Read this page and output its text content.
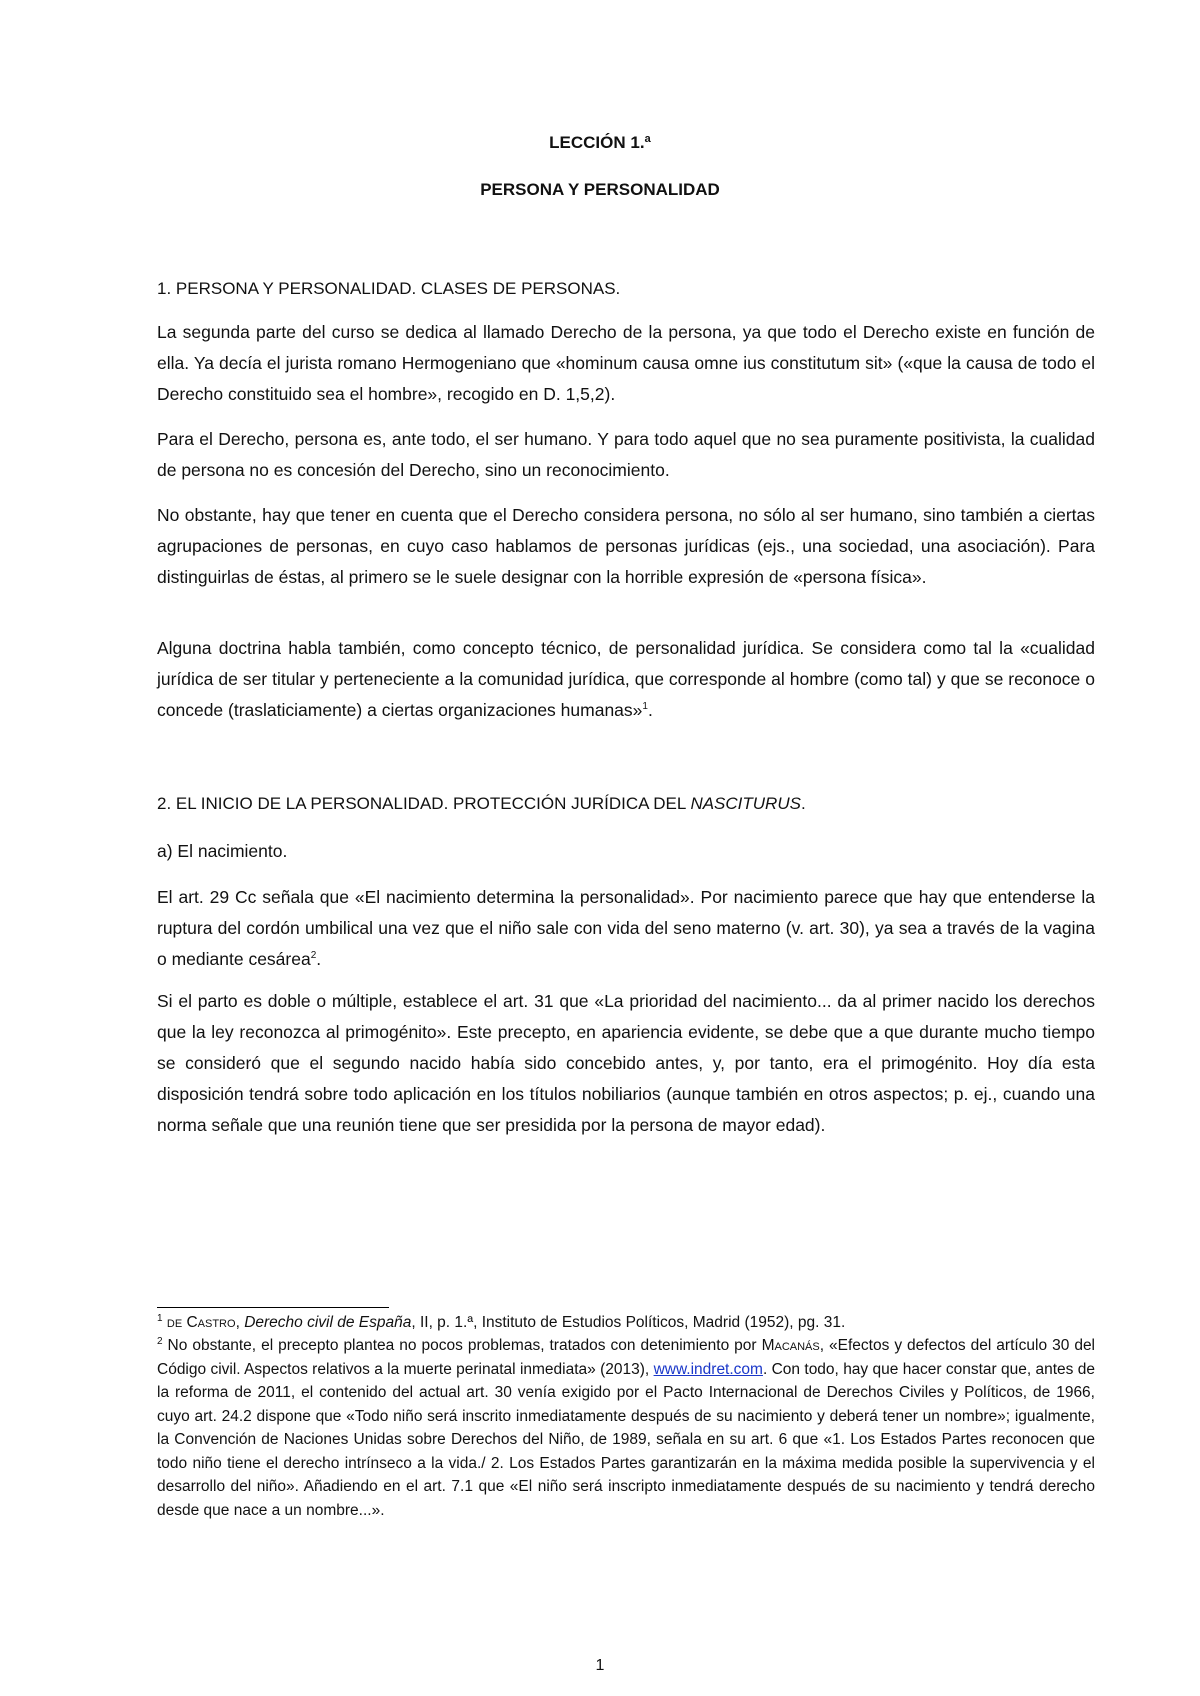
LECCIÓN 1.ª
PERSONA Y PERSONALIDAD
1. PERSONA Y PERSONALIDAD. CLASES DE PERSONAS.
La segunda parte del curso se dedica al llamado Derecho de la persona, ya que todo el Derecho existe en función de ella. Ya decía el jurista romano Hermogeniano que «hominum causa omne ius constitutum sit» («que la causa de todo el Derecho constituido sea el hombre», recogido en D. 1,5,2).
Para el Derecho, persona es, ante todo, el ser humano. Y para todo aquel que no sea puramente positivista, la cualidad de persona no es concesión del Derecho, sino un reconocimiento.
No obstante, hay que tener en cuenta que el Derecho considera persona, no sólo al ser humano, sino también a ciertas agrupaciones de personas, en cuyo caso hablamos de personas jurídicas (ejs., una sociedad, una asociación). Para distinguirlas de éstas, al primero se le suele designar con la horrible expresión de «persona física».
Alguna doctrina habla también, como concepto técnico, de personalidad jurídica. Se considera como tal la «cualidad jurídica de ser titular y perteneciente a la comunidad jurídica, que corresponde al hombre (como tal) y que se reconoce o concede (traslaticiamente) a ciertas organizaciones humanas»$^1$.
2. EL INICIO DE LA PERSONALIDAD. PROTECCIÓN JURÍDICA DEL NASCITURUS.
a) El nacimiento.
El art. 29 Cc señala que «El nacimiento determina la personalidad». Por nacimiento parece que hay que entenderse la ruptura del cordón umbilical una vez que el niño sale con vida del seno materno (v. art. 30), ya sea a través de la vagina o mediante cesárea$^2$.
Si el parto es doble o múltiple, establece el art. 31 que «La prioridad del nacimiento... da al primer nacido los derechos que la ley reconozca al primogénito». Este precepto, en apariencia evidente, se debe que a que durante mucho tiempo se consideró que el segundo nacido había sido concebido antes, y, por tanto, era el primogénito. Hoy día esta disposición tendrá sobre todo aplicación en los títulos nobiliarios (aunque también en otros aspectos; p. ej., cuando una norma señale que una reunión tiene que ser presidida por la persona de mayor edad).
$^1$ de Castro, Derecho civil de España, II, p. 1.ª, Instituto de Estudios Políticos, Madrid (1952), pg. 31.
$^2$ No obstante, el precepto plantea no pocos problemas, tratados con detenimiento por Macanás, «Efectos y defectos del artículo 30 del Código civil. Aspectos relativos a la muerte perinatal inmediata» (2013), www.indret.com. Con todo, hay que hacer constar que, antes de la reforma de 2011, el contenido del actual art. 30 venía exigido por el Pacto Internacional de Derechos Civiles y Políticos, de 1966, cuyo art. 24.2 dispone que «Todo niño será inscrito inmediatamente después de su nacimiento y deberá tener un nombre»; igualmente, la Convención de Naciones Unidas sobre Derechos del Niño, de 1989, señala en su art. 6 que «1. Los Estados Partes reconocen que todo niño tiene el derecho intrínseco a la vida./ 2. Los Estados Partes garantizarán en la máxima medida posible la supervivencia y el desarrollo del niño». Añadiendo en el art. 7.1 que «El niño será inscripto inmediatamente después de su nacimiento y tendrá derecho desde que nace a un nombre...».
1
